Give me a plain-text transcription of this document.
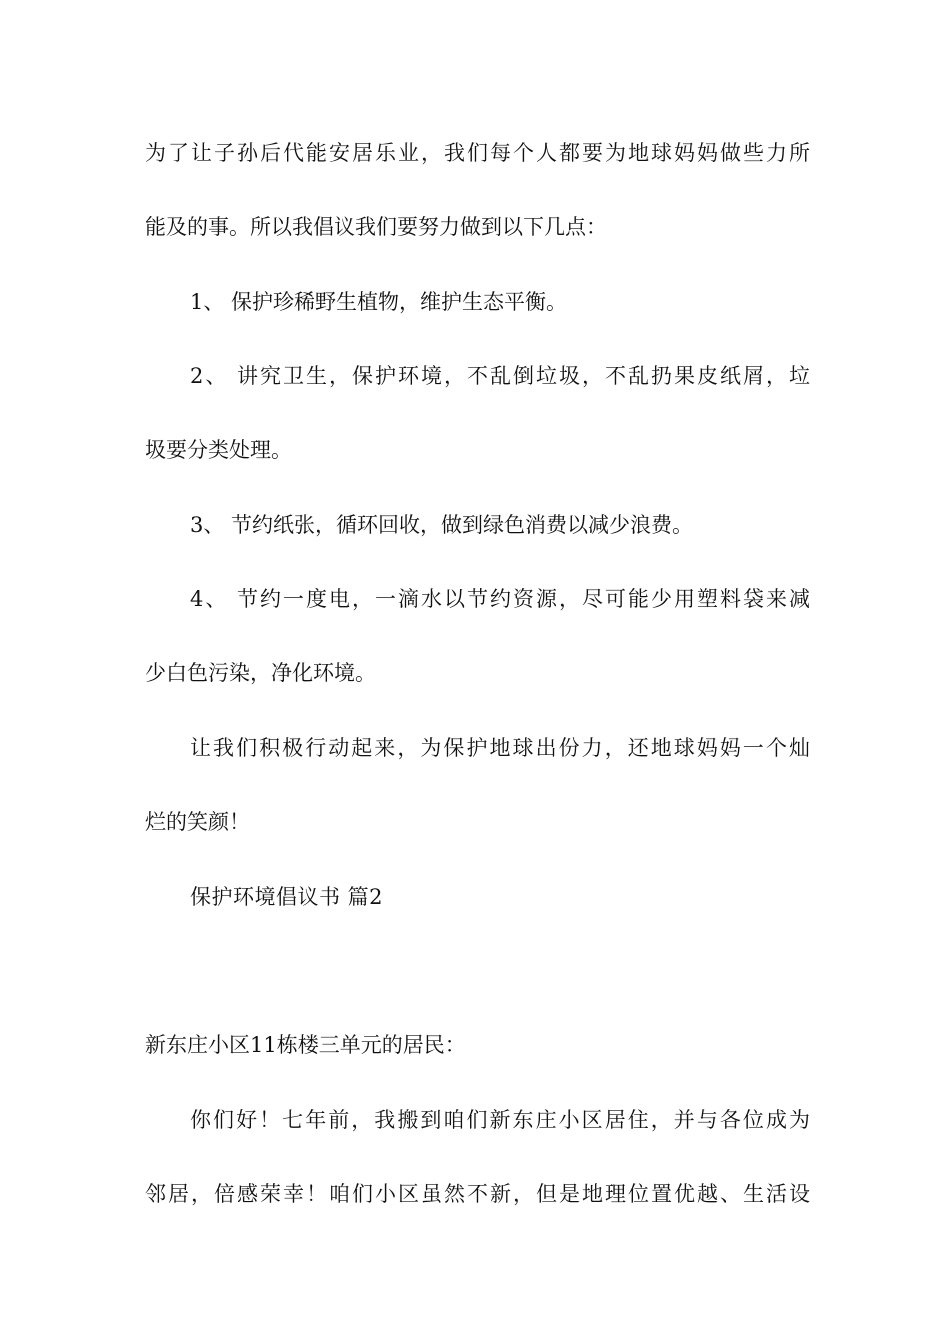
为了让子孙后代能安居乐业，我们每个人都要为地球妈妈做些力所
能及的事。所以我倡议我们要努力做到以下几点：
1、 保护珍稀野生植物，维护生态平衡。
2、 讲究卫生，保护环境，不乱倒垃圾，不乱扔果皮纸屑，垃
圾要分类处理。
3、 节约纸张，循环回收，做到绿色消费以减少浪费。
4、 节约一度电，一滴水以节约资源，尽可能少用塑料袋来减
少白色污染，净化环境。
让我们积极行动起来，为保护地球出份力，还地球妈妈一个灿
烂的笑颜！
保护环境倡议书 篇2
新东庄小区11栋楼三单元的居民：
你们好！七年前，我搬到咱们新东庄小区居住，并与各位成为
邻居，倍感荣幸！咱们小区虽然不新，但是地理位置优越、生活设
